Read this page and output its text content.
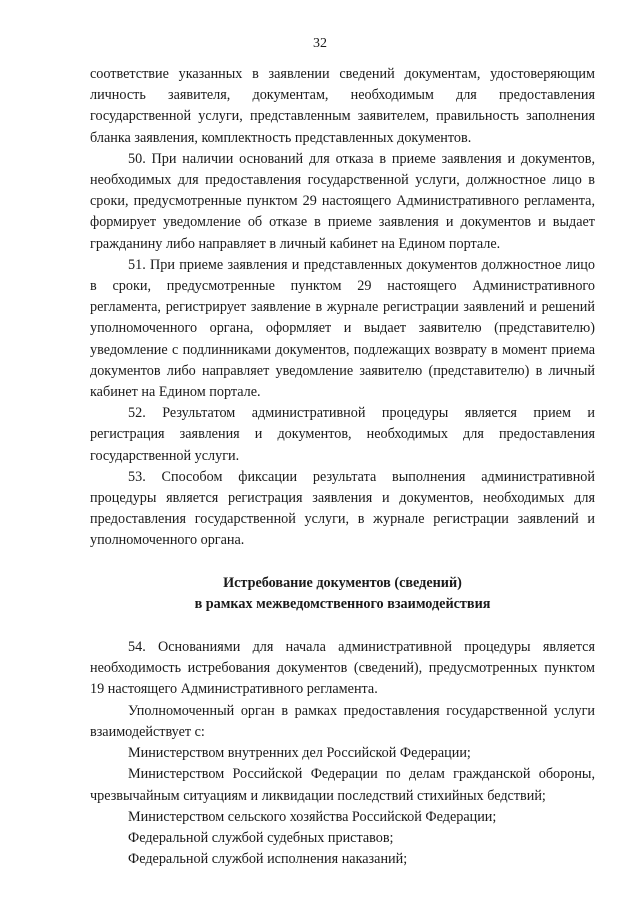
32

соответствие указанных в заявлении сведений документам, удостоверяющим личность заявителя, документам, необходимым для предоставления государственной услуги, представленным заявителем, правильность заполнения бланка заявления, комплектность представленных документов.

50. При наличии оснований для отказа в приеме заявления и документов, необходимых для предоставления государственной услуги, должностное лицо в сроки, предусмотренные пунктом 29 настоящего Административного регламента, формирует уведомление об отказе в приеме заявления и документов и выдает гражданину либо направляет в личный кабинет на Едином портале.

51. При приеме заявления и представленных документов должностное лицо в сроки, предусмотренные пунктом 29 настоящего Административного регламента, регистрирует заявление в журнале регистрации заявлений и решений уполномоченного органа, оформляет и выдает заявителю (представителю) уведомление с подлинниками документов, подлежащих возврату в момент приема документов либо направляет уведомление заявителю (представителю) в личный кабинет на Едином портале.

52. Результатом административной процедуры является прием и регистрация заявления и документов, необходимых для предоставления государственной услуги.

53. Способом фиксации результата выполнения административной процедуры является регистрация заявления и документов, необходимых для предоставления государственной услуги, в журнале регистрации заявлений и уполномоченного органа.

Истребование документов (сведений)
в рамках межведомственного взаимодействия

54. Основаниями для начала административной процедуры является необходимость истребования документов (сведений), предусмотренных пунктом 19 настоящего Административного регламента.

Уполномоченный орган в рамках предоставления государственной услуги взаимодействует с:

Министерством внутренних дел Российской Федерации;

Министерством Российской Федерации по делам гражданской обороны, чрезвычайным ситуациям и ликвидации последствий стихийных бедствий;

Министерством сельского хозяйства Российской Федерации;

Федеральной службой судебных приставов;

Федеральной службой исполнения наказаний;
